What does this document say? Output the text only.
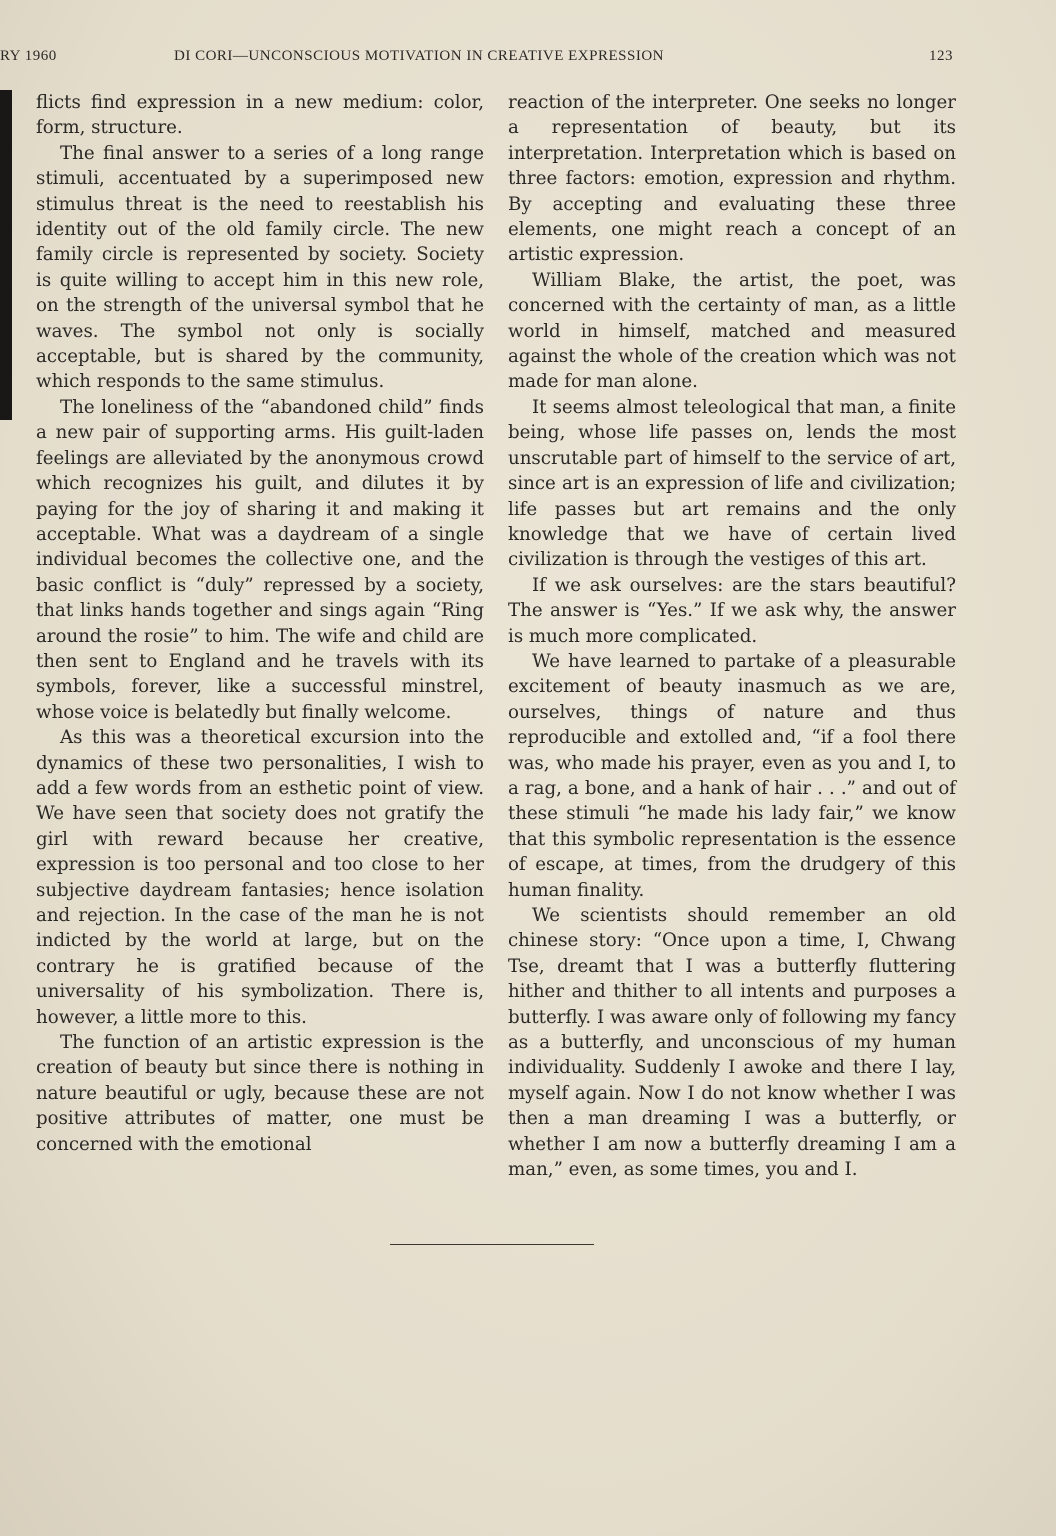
RY 1960	DI CORI—UNCONSCIOUS MOTIVATION IN CREATIVE EXPRESSION	123

flicts find expression in a new medium: color, form, structure.

The final answer to a series of a long range stimuli, accentuated by a superimposed new stimulus threat is the need to reestablish his identity out of the old family circle. The new family circle is represented by society. Society is quite willing to accept him in this new role, on the strength of the universal symbol that he waves. The symbol not only is socially acceptable, but is shared by the community, which responds to the same stimulus.

The loneliness of the “abandoned child” finds a new pair of supporting arms. His guilt-laden feelings are alleviated by the anonymous crowd which recognizes his guilt, and dilutes it by paying for the joy of sharing it and making it acceptable. What was a daydream of a single individual becomes the collective one, and the basic conflict is “duly” repressed by a society, that links hands together and sings again “Ring around the rosie” to him. The wife and child are then sent to England and he travels with its symbols, forever, like a successful minstrel, whose voice is belatedly but finally welcome.

As this was a theoretical excursion into the dynamics of these two personalities, I wish to add a few words from an esthetic point of view. We have seen that society does not gratify the girl with reward because her creative, expression is too personal and too close to her subjective daydream fantasies; hence isolation and rejection. In the case of the man he is not indicted by the world at large, but on the contrary he is gratified because of the universality of his symbolization. There is, however, a little more to this.

The function of an artistic expression is the creation of beauty but since there is nothing in nature beautiful or ugly, because these are not positive attributes of matter, one must be concerned with the emotional

reaction of the interpreter. One seeks no longer a representation of beauty, but its interpretation. Interpretation which is based on three factors: emotion, expression and rhythm. By accepting and evaluating these three elements, one might reach a concept of an artistic expression.

William Blake, the artist, the poet, was concerned with the certainty of man, as a little world in himself, matched and measured against the whole of the creation which was not made for man alone.

It seems almost teleological that man, a finite being, whose life passes on, lends the most unscrutable part of himself to the service of art, since art is an expression of life and civilization; life passes but art remains and the only knowledge that we have of certain lived civilization is through the vestiges of this art.

If we ask ourselves: are the stars beautiful? The answer is “Yes.” If we ask why, the answer is much more complicated.

We have learned to partake of a pleasurable excitement of beauty inasmuch as we are, ourselves, things of nature and thus reproducible and extolled and, “if a fool there was, who made his prayer, even as you and I, to a rag, a bone, and a hank of hair . . .” and out of these stimuli “he made his lady fair,” we know that this symbolic representation is the essence of escape, at times, from the drudgery of this human finality.

We scientists should remember an old chinese story: “Once upon a time, I, Chwang Tse, dreamt that I was a butterfly fluttering hither and thither to all intents and purposes a butterfly. I was aware only of following my fancy as a butterfly, and unconscious of my human individuality. Suddenly I awoke and there I lay, myself again. Now I do not know whether I was then a man dreaming I was a butterfly, or whether I am now a butterfly dreaming I am a man,” even, as some times, you and I.
